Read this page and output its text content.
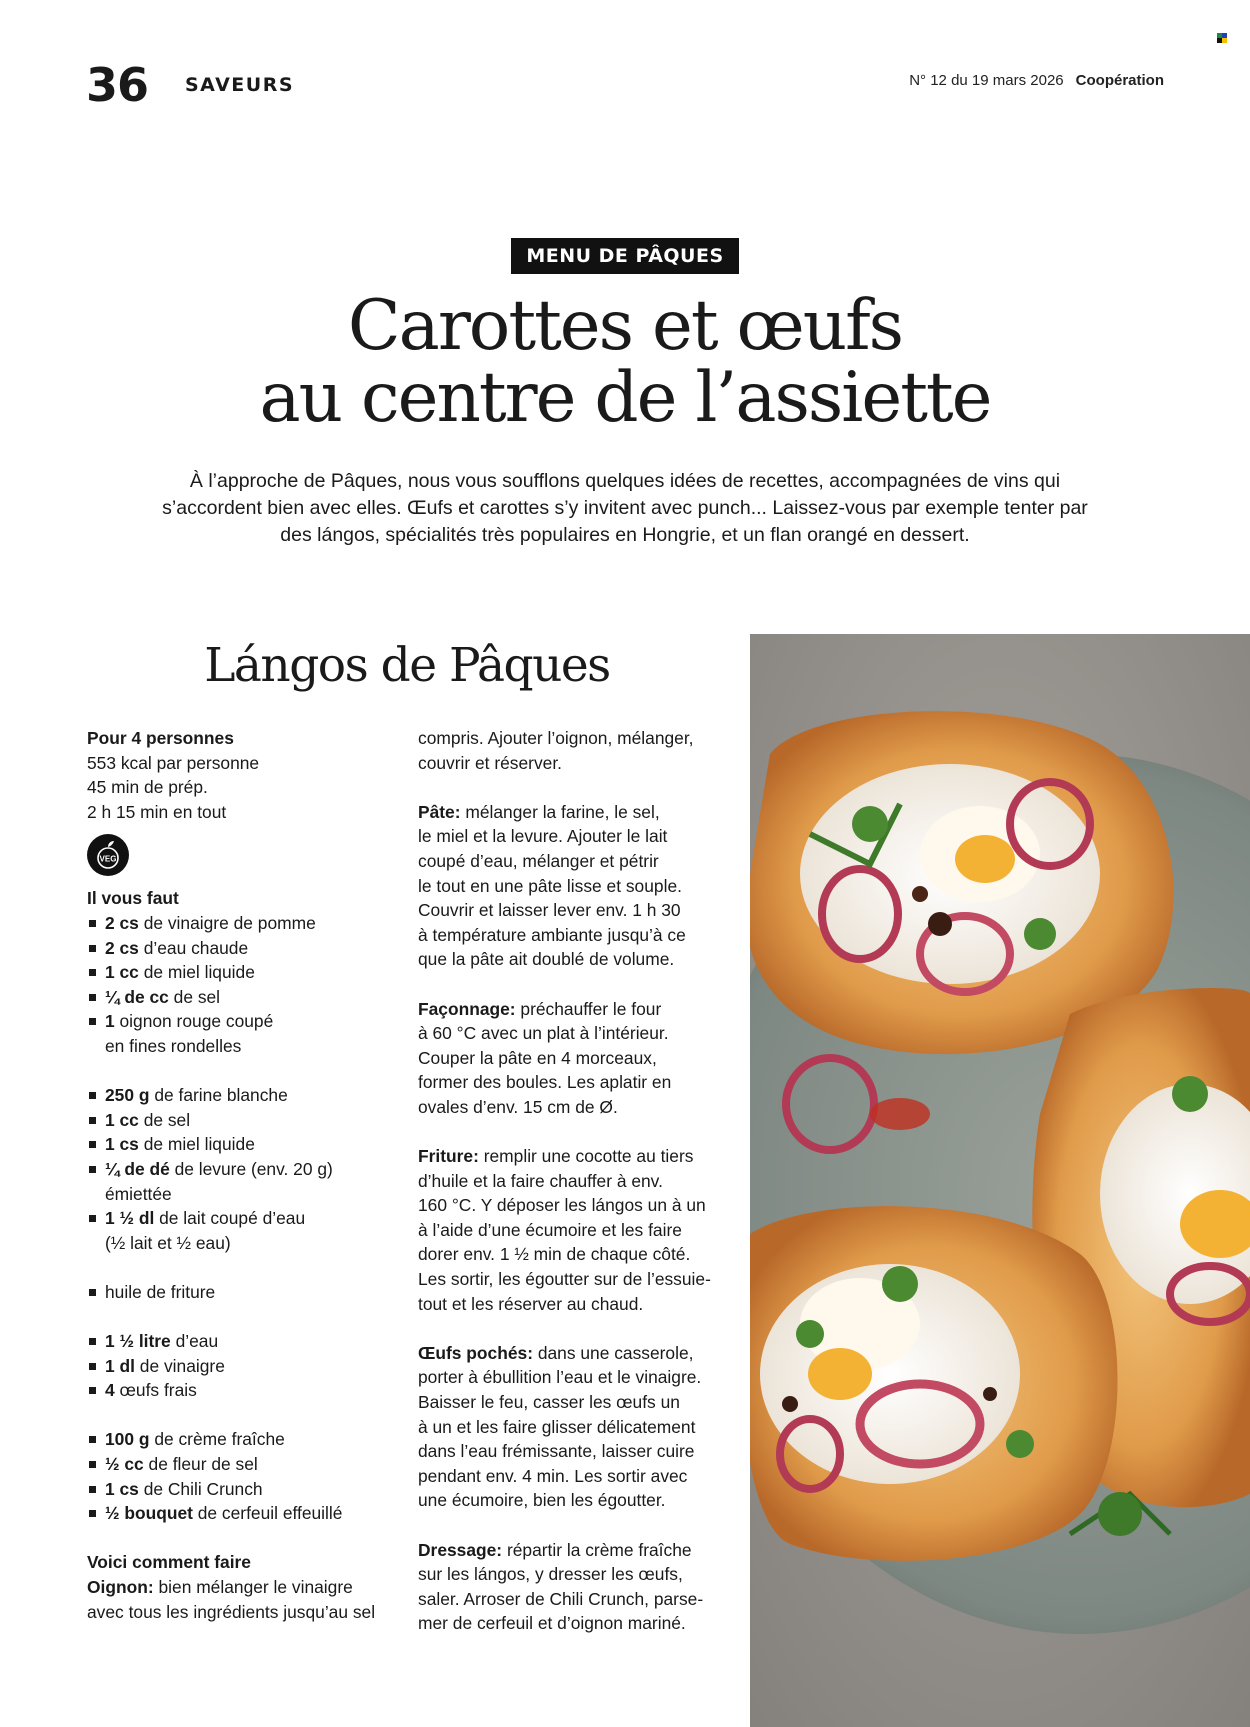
36 SAVEURS	N° 12 du 19 mars 2026 Coopération
MENU DE PÂQUES
Carottes et œufs
au centre de l’assiette

À l’approche de Pâques, nous vous soufflons quelques idées de recettes, accompagnées de vins qui s’accordent bien avec elles. Œufs et carottes s’y invitent avec punch... Laissez-vous par exemple tenter par des lángos, spécialités très populaires en Hongrie, et un flan orangé en dessert.

Lángos de Pâques
Pour 4 personnes
553 kcal par personne
45 min de prép.
2 h 15 min en tout
VEG
Il vous faut
2 cs de vinaigre de pomme
2 cs d’eau chaude
1 cc de miel liquide
¼ de cc de sel
1 oignon rouge coupé
en fines rondelles
250 g de farine blanche
1 cc de sel
1 cs de miel liquide
¼ de dé de levure (env. 20 g)
émiettée
1 ½ dl de lait coupé d’eau
(½ lait et ½ eau)
huile de friture
1 ½ litre d’eau
1 dl de vinaigre
4 œufs frais
100 g de crème fraîche
½ cc de fleur de sel
1 cs de Chili Crunch
½ bouquet de cerfeuil effeuillé
Voici comment faire
Oignon: bien mélanger le vinaigre
avec tous les ingrédients jusqu’au sel
compris. Ajouter l’oignon, mélanger,
couvrir et réserver.
Pâte: mélanger la farine, le sel,
le miel et la levure. Ajouter le lait
coupé d’eau, mélanger et pétrir
le tout en une pâte lisse et souple.
Couvrir et laisser lever env. 1 h 30
à température ambiante jusqu’à ce
que la pâte ait doublé de volume.
Façonnage: préchauffer le four
à 60 °C avec un plat à l’intérieur.
Couper la pâte en 4 morceaux,
former des boules. Les aplatir en
ovales d’env. 15 cm de Ø.
Friture: remplir une cocotte au tiers
d’huile et la faire chauffer à env.
160 °C. Y déposer les lángos un à un
à l’aide d’une écumoire et les faire
dorer env. 1 ½ min de chaque côté.
Les sortir, les égoutter sur de l’essuie-
tout et les réserver au chaud.
Œufs pochés: dans une casserole,
porter à ébullition l’eau et le vinaigre.
Baisser le feu, casser les œufs un
à un et les faire glisser délicatement
dans l’eau frémissante, laisser cuire
pendant env. 4 min. Les sortir avec
une écumoire, bien les égoutter.
Dressage: répartir la crème fraîche
sur les lángos, y dresser les œufs,
saler. Arroser de Chili Crunch, parse-
mer de cerfeuil et d’oignon mariné.
